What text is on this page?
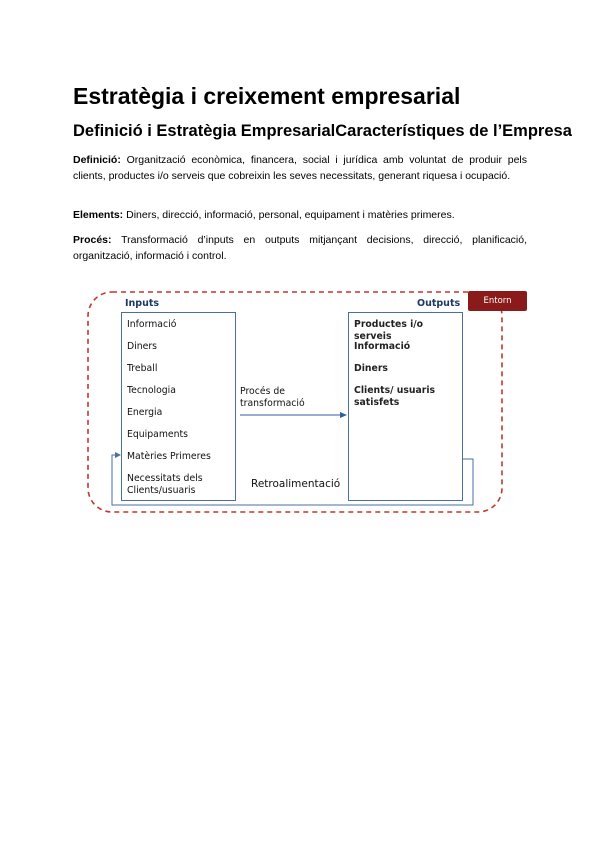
Estratègia i creixement empresarial
Definició i Estratègia EmpresarialCaracterístiques de l’Empresa

Definició: Organització econòmica, financera, social i jurídica amb voluntat de produir pels clients, productes i/o serveis que cobreixin les seves necessitats, generant riquesa i ocupació.

Elements: Diners, direcció, informació, personal, equipament i matèries primeres.

Procés: Transformació d’inputs en outputs mitjançant decisions, direcció, planificació, organització, informació i control.

Entorn
Inputs	Outputs
Informació
Diners
Treball
Tecnologia
Energia
Equipaments
Matèries Primeres
Necessitats dels Clients/usuaris
Productes i/o serveis
Informació
Diners
Clients/ usuaris satisfets
Procés de transformació
Retroalimentació
